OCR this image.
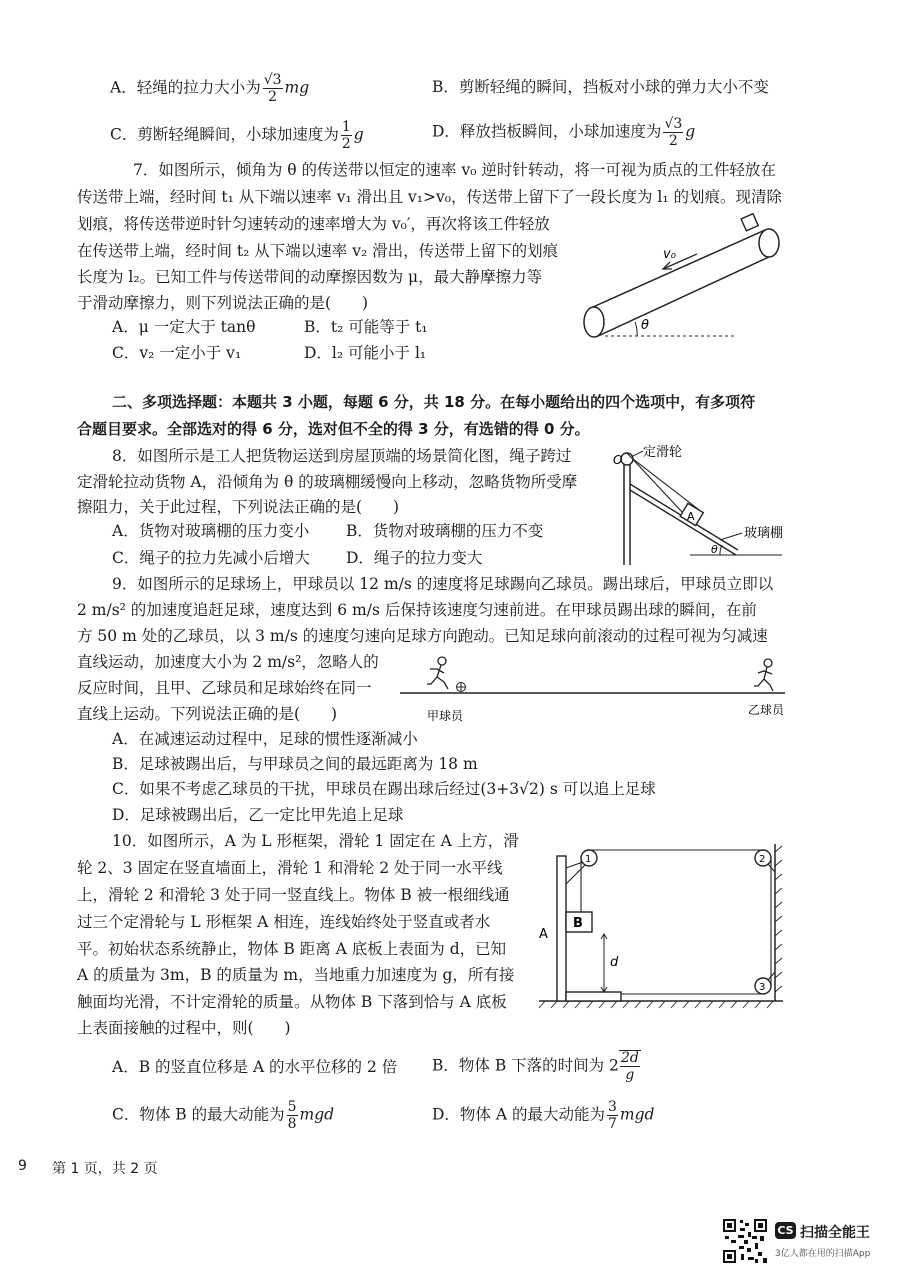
A．轻绳的拉力大小为 $\frac{√3}{2}$ mg	B．剪断轻绳的瞬间，挡板对小球的弹力大小不变
C．剪断轻绳瞬间，小球加速度为 $\frac{1}{2}$ g	D．释放挡板瞬间，小球加速度为 $\frac{√3}{2}$ g
7．如图所示，倾角为 θ 的传送带以恒定的速率 v₀ 逆时针转动，将一可视为质点的工件轻放在
传送带上端，经时间 t₁ 从下端以速率 v₁ 滑出且 v₁>v₀，传送带上留下了一段长度为 l₁ 的划痕。现清除
划痕，将传送带逆时针匀速转动的速率增大为 v₀′，再次将该工件轻放
在传送带上端，经时间 t₂ 从下端以速率 v₂ 滑出，传送带上留下的划痕
长度为 l₂。已知工件与传送带间的动摩擦因数为 μ，最大静摩擦力等
于滑动摩擦力，则下列说法正确的是(　　)
A．μ 一定大于 tanθ	B．t₂ 可能等于 t₁
C．v₂ 一定小于 v₁	D．l₂ 可能小于 l₁
v₀
θ
二、多项选择题：本题共 3 小题，每题 6 分，共 18 分。在每小题给出的四个选项中，有多项符
合题目要求。全部选对的得 6 分，选对但不全的得 3 分，有选错的得 0 分。
8．如图所示是工人把货物运送到房屋顶端的场景简化图，绳子跨过
定滑轮拉动货物 A，沿倾角为 θ 的玻璃棚缓慢向上移动，忽略货物所受摩
擦阻力，关于此过程，下列说法正确的是(　　)
A．货物对玻璃棚的压力变小 B．货物对玻璃棚的压力不变
C．绳子的拉力先减小后增大 D．绳子的拉力变大
O 定滑轮
A
θ
玻璃棚
9．如图所示的足球场上，甲球员以 12 m/s 的速度将足球踢向乙球员。踢出球后，甲球员立即以
2 m/s² 的加速度追赶足球，速度达到 6 m/s 后保持该速度匀速前进。在甲球员踢出球的瞬间，在前
方 50 m 处的乙球员，以 3 m/s 的速度匀速向足球方向跑动。已知足球向前滚动的过程可视为匀减速
直线运动，加速度大小为 2 m/s²，忽略人的
反应时间，且甲、乙球员和足球始终在同一
直线上运动。下列说法正确的是(　　)
A．在减速运动过程中，足球的惯性逐渐减小
B．足球被踢出后，与甲球员之间的最远距离为 18 m
C．如果不考虑乙球员的干扰，甲球员在踢出球后经过(3+3√2) s 可以追上足球
D．足球被踢出后，乙一定比甲先追上足球
甲球员	乙球员
10．如图所示，A 为 L 形框架，滑轮 1 固定在 A 上方，滑
轮 2、3 固定在竖直墙面上，滑轮 1 和滑轮 2 处于同一水平线
上，滑轮 2 和滑轮 3 处于同一竖直线上。物体 B 被一根细线通
过三个定滑轮与 L 形框架 A 相连，连线始终处于竖直或者水
平。初始状态系统静止，物体 B 距离 A 底板上表面为 d，已知
A 的质量为 3m，B 的质量为 m，当地重力加速度为 g，所有接
触面均光滑，不计定滑轮的质量。从物体 B 下落到恰与 A 底板
上表面接触的过程中，则(　　)
A．B 的竖直位移是 A 的水平位移的 2 倍 B．物体 B 下落的时间为 $2 \frac{2d}{g}$
C．物体 B 的最大动能为 $\frac{5}{8}$ mgd	D．物体 A 的最大动能为 $\frac{3}{7}$ mgd
A
1	2
3
B
d
9 第 1 页，共 2 页
CS 扫描全能王
3亿人都在用的扫描App
